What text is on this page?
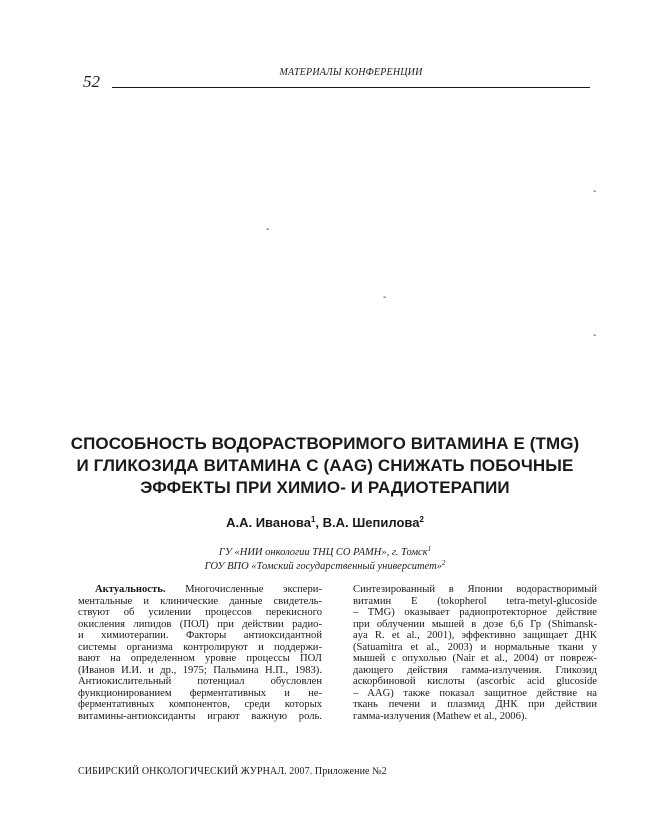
52	МАТЕРИАЛЫ КОНФЕРЕНЦИИ
-
-
-
-
СПОСОБНОСТЬ ВОДОРАСТВОРИМОГО ВИТАМИНА Е (TMG)
И ГЛИКОЗИДА ВИТАМИНА С (AAG) СНИЖАТЬ ПОБОЧНЫЕ
ЭФФЕКТЫ ПРИ ХИМИО- И РАДИОТЕРАПИИ
А.А. Иванова$^1$, В.А. Шепилова$^2$
ГУ «НИИ онкологии ТНЦ СО РАМН», г. Томск$^1$
ГОУ ВПО «Томский государственный университет»$^2$
Актуальность. Многочисленные экспери-
ментальные и клинические данные свидетель-
ствуют об усилении процессов перекисного
окисления липидов (ПОЛ) при действии радио-
и химиотерапии. Факторы антиоксидантной
системы организма контролируют и поддержи-
вают на определенном уровне процессы ПОЛ
(Иванов И.И. и др., 1975; Пальмина Н.П., 1983).
Антиокислительный потенциал обусловлен
функционированием ферментативных и не-
ферментативных компонентов, среди которых
витамины-антиоксиданты играют важную роль.
Синтезированный в Японии водорастворимый
витамин Е (tokopherol tetra-metyl-glucoside
– TMG) оказывает радиопротекторное действие
при облучении мышей в дозе 6,6 Гр (Shimansk-
aya R. et al., 2001), эффективно защищает ДНК
(Satuamitra et al., 2003) и нормальные ткани у
мышей с опухолью (Nair et al., 2004) от повреж-
дающего действия гамма-излучения. Гликозид
аскорбиновой кислоты (ascorbic acid glucoside
– AAG) также показал защитное действие на
ткань печени и плазмид ДНК при действии
гамма-излучения (Mathew et al., 2006).
СИБИРСКИЙ ОНКОЛОГИЧЕСКИЙ ЖУРНАЛ. 2007. Приложение №2
